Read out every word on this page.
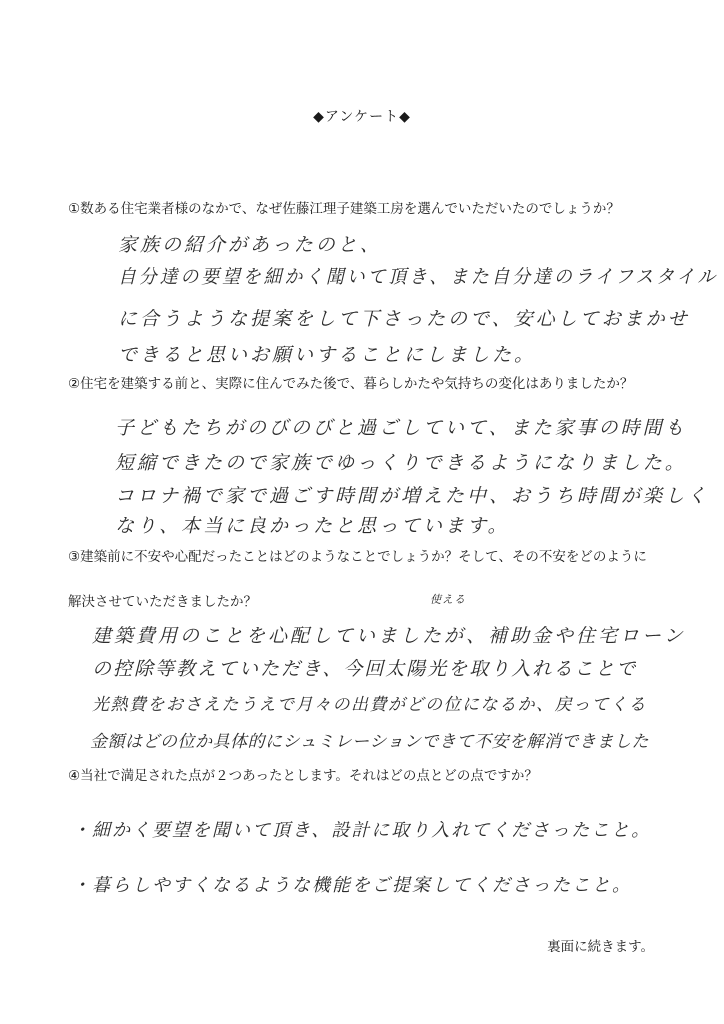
◆アンケート◆
①数ある住宅業者様のなかで、なぜ佐藤江理子建築工房を選んでいただいたのでしょうか？
家族の紹介があったのと、
自分達の要望を細かく聞いて頂き、また自分達のライフスタイル
に合うような提案をして下さったので、安心しておまかせ
できると思いお願いすることにしました。
②住宅を建築する前と、実際に住んでみた後で、暮らしかたや気持ちの変化はありましたか？
子どもたちがのびのびと過ごしていて、また家事の時間も
短縮できたので家族でゆっくりできるようになりました。
コロナ禍で家で過ごす時間が増えた中、おうち時間が楽しく
なり、本当に良かったと思っています。
③建築前に不安や心配だったことはどのようなことでしょうか？そして、その不安をどのように
解決させていただきましたか？	使える
建築費用のことを心配していましたが、補助金や住宅ローン
の控除等教えていただき、今回太陽光を取り入れることで
光熱費をおさえたうえで月々の出費がどの位になるか、戻ってくる
金額はどの位か具体的にシュミレーションできて不安を解消できました
④当社で満足された点が２つあったとします。それはどの点とどの点ですか？
・細かく要望を聞いて頂き、設計に取り入れてくださったこと。
・暮らしやすくなるような機能をご提案してくださったこと。
裏面に続きます。
